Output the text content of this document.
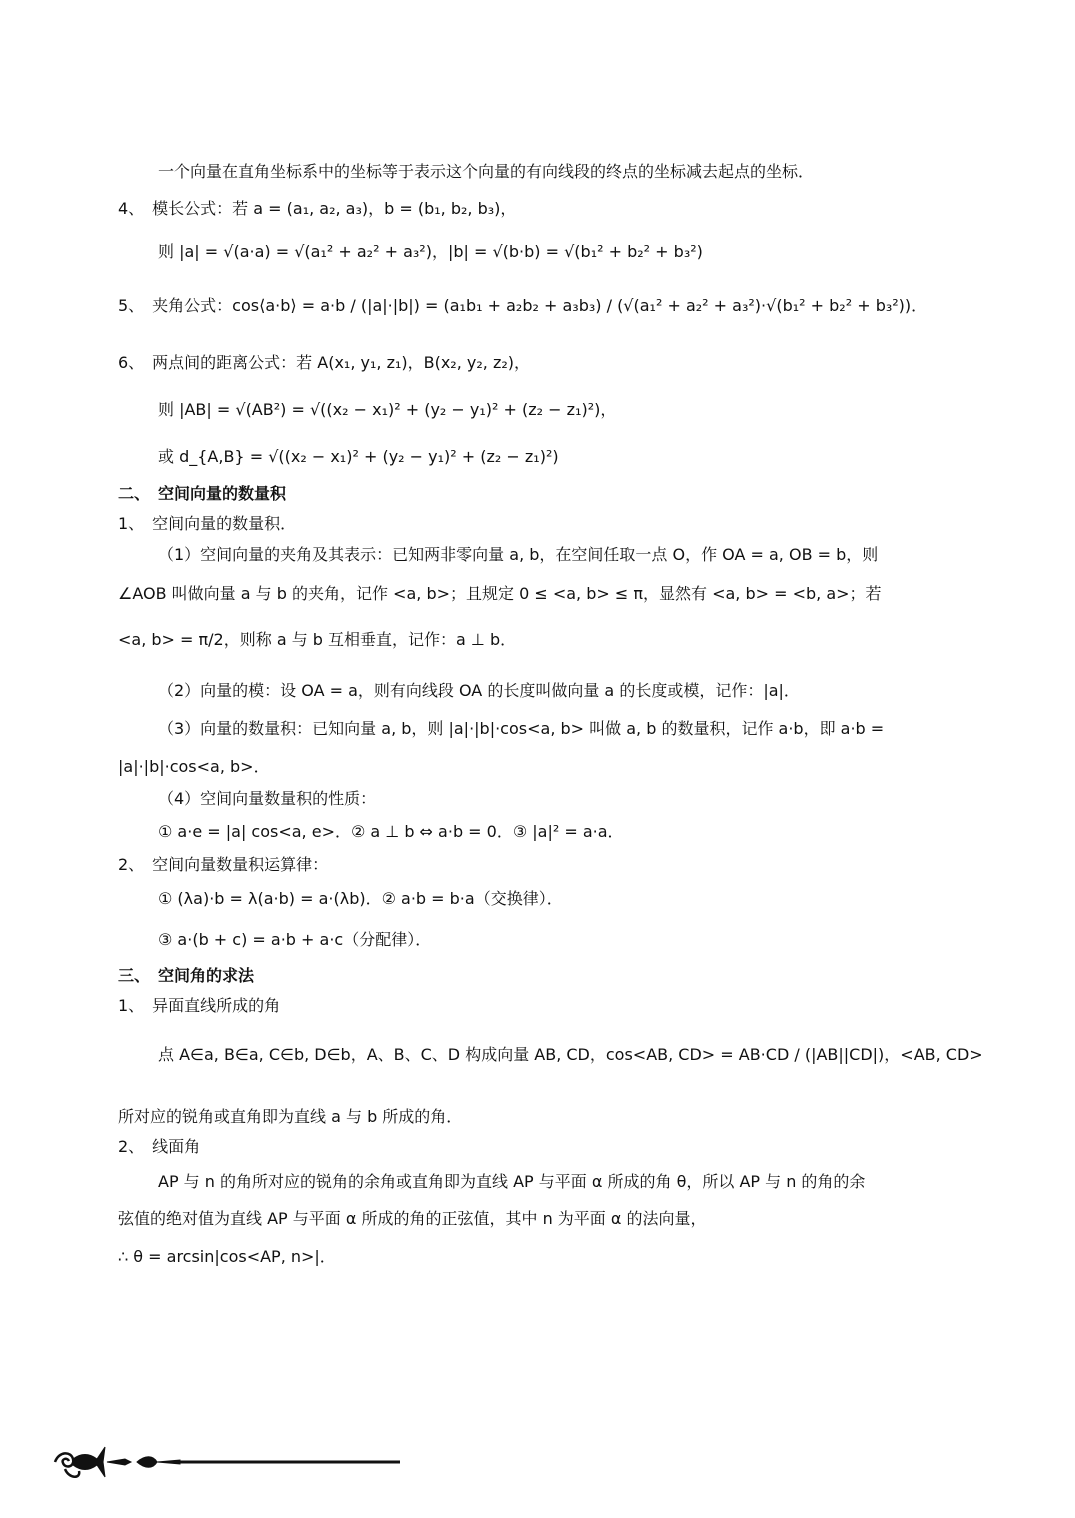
一个向量在直角坐标系中的坐标等于表示这个向量的有向线段的终点的坐标减去起点的坐标．
4、　模长公式：若 a = (a₁, a₂, a₃)，b = (b₁, b₂, b₃)，
则 |a| = √(a·a) = √(a₁² + a₂² + a₃²)，|b| = √(b·b) = √(b₁² + b₂² + b₃²)
5、　夹角公式：cos⟨a·b⟩ = a·b / (|a|·|b|) = (a₁b₁ + a₂b₂ + a₃b₃) / (√(a₁² + a₂² + a₃²)·√(b₁² + b₂² + b₃²))．
6、　两点间的距离公式：若 A(x₁, y₁, z₁)，B(x₂, y₂, z₂)，
则 |AB| = √(AB²) = √((x₂ − x₁)² + (y₂ − y₁)² + (z₂ − z₁)²)，
或 d_{A,B} = √((x₂ − x₁)² + (y₂ − y₁)² + (z₂ − z₁)²)
二、　空间向量的数量积
1、　空间向量的数量积．
（1）空间向量的夹角及其表示：已知两非零向量 a, b，在空间任取一点 O，作 OA = a, OB = b，则
∠AOB 叫做向量 a 与 b 的夹角，记作 <a, b>；且规定 0 ≤ <a, b> ≤ π，显然有 <a, b> = <b, a>；若
<a, b> = π/2，则称 a 与 b 互相垂直，记作：a ⊥ b．
（2）向量的模：设 OA = a，则有向线段 OA 的长度叫做向量 a 的长度或模，记作：|a|．
（3）向量的数量积：已知向量 a, b，则 |a|·|b|·cos<a, b> 叫做 a, b 的数量积，记作 a·b，即 a·b =
|a|·|b|·cos<a, b>．
（4）空间向量数量积的性质：
① a·e = |a| cos<a, e>．② a ⊥ b ⇔ a·b = 0．③ |a|² = a·a．
2、　空间向量数量积运算律：
① (λa)·b = λ(a·b) = a·(λb)．② a·b = b·a（交换律）．
③ a·(b + c) = a·b + a·c（分配律）．
三、　空间角的求法
1、　异面直线所成的角
点 A∈a, B∈a, C∈b, D∈b，A、B、C、D 构成向量 AB, CD，cos<AB, CD> = AB·CD / (|AB||CD|)，<AB, CD>
所对应的锐角或直角即为直线 a 与 b 所成的角．
2、　线面角
AP 与 n 的角所对应的锐角的余角或直角即为直线 AP 与平面 α 所成的角 θ，所以 AP 与 n 的角的余
弦值的绝对值为直线 AP 与平面 α 所成的角的正弦值，其中 n 为平面 α 的法向量，
∴ θ = arcsin|cos<AP, n>|．
